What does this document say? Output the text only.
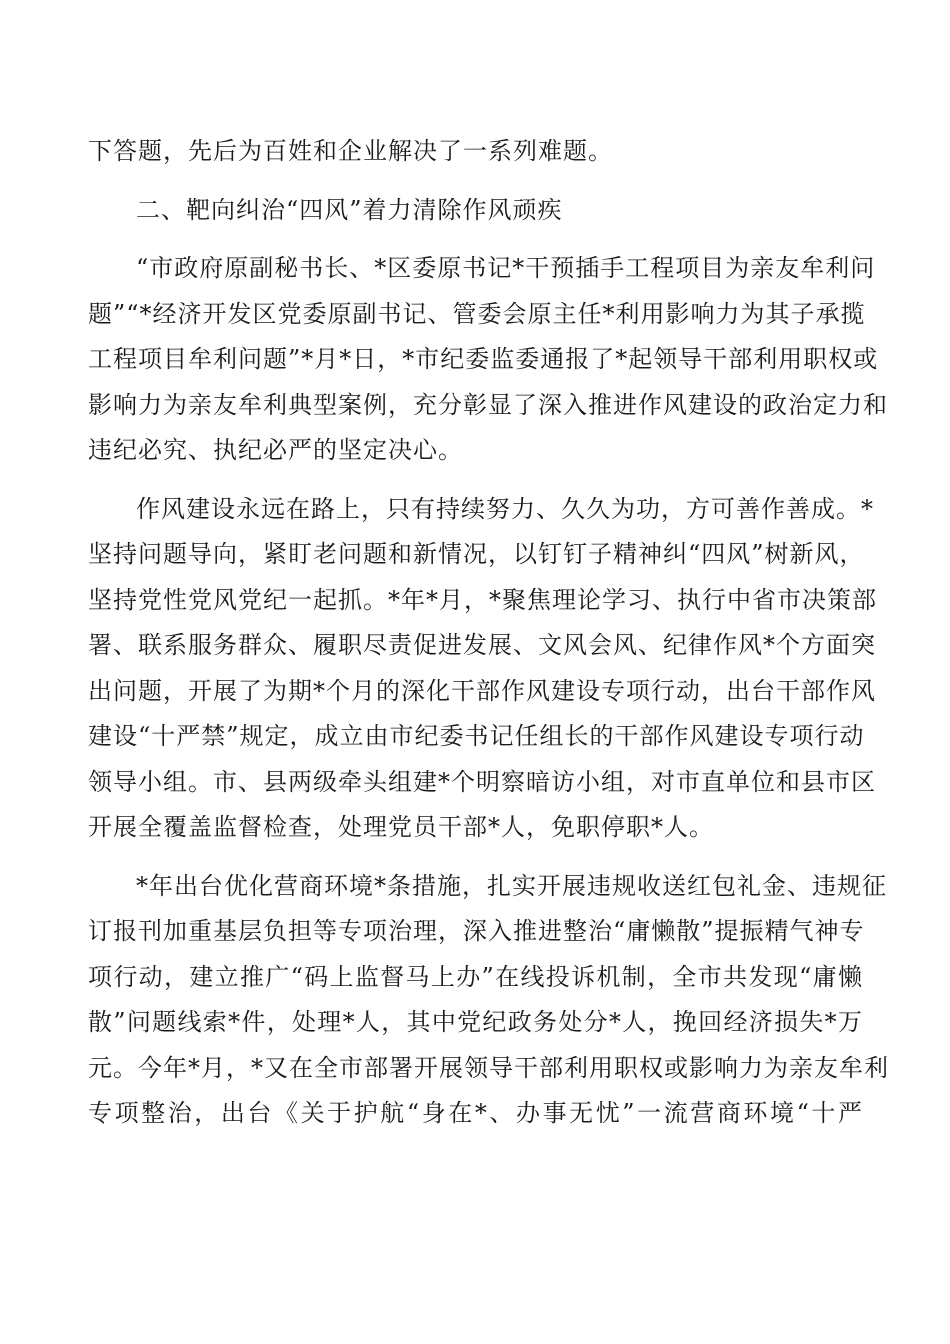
下答题，先后为百姓和企业解决了一系列难题。

二、靶向纠治“四风”着力清除作风顽疾

“市政府原副秘书长、*区委原书记*干预插手工程项目为亲友牟利问
题”“*经济开发区党委原副书记、管委会原主任*利用影响力为其子承揽
工程项目牟利问题”*月*日，*市纪委监委通报了*起领导干部利用职权或
影响力为亲友牟利典型案例，充分彰显了深入推进作风建设的政治定力和
违纪必究、执纪必严的坚定决心。

作风建设永远在路上，只有持续努力、久久为功，方可善作善成。*
坚持问题导向，紧盯老问题和新情况，以钉钉子精神纠“四风”树新风，
坚持党性党风党纪一起抓。*年*月，*聚焦理论学习、执行中省市决策部
署、联系服务群众、履职尽责促进发展、文风会风、纪律作风*个方面突
出问题，开展了为期*个月的深化干部作风建设专项行动，出台干部作风
建设“十严禁”规定，成立由市纪委书记任组长的干部作风建设专项行动
领导小组。市、县两级牵头组建*个明察暗访小组，对市直单位和县市区
开展全覆盖监督检查，处理党员干部*人，免职停职*人。

*年出台优化营商环境*条措施，扎实开展违规收送红包礼金、违规征
订报刊加重基层负担等专项治理，深入推进整治“庸懒散”提振精气神专
项行动，建立推广“码上监督马上办”在线投诉机制，全市共发现“庸懒
散”问题线索*件，处理*人，其中党纪政务处分*人，挽回经济损失*万
元。今年*月，*又在全市部署开展领导干部利用职权或影响力为亲友牟利
专项整治，出台《关于护航“身在*、办事无忧”一流营商环境“十严
